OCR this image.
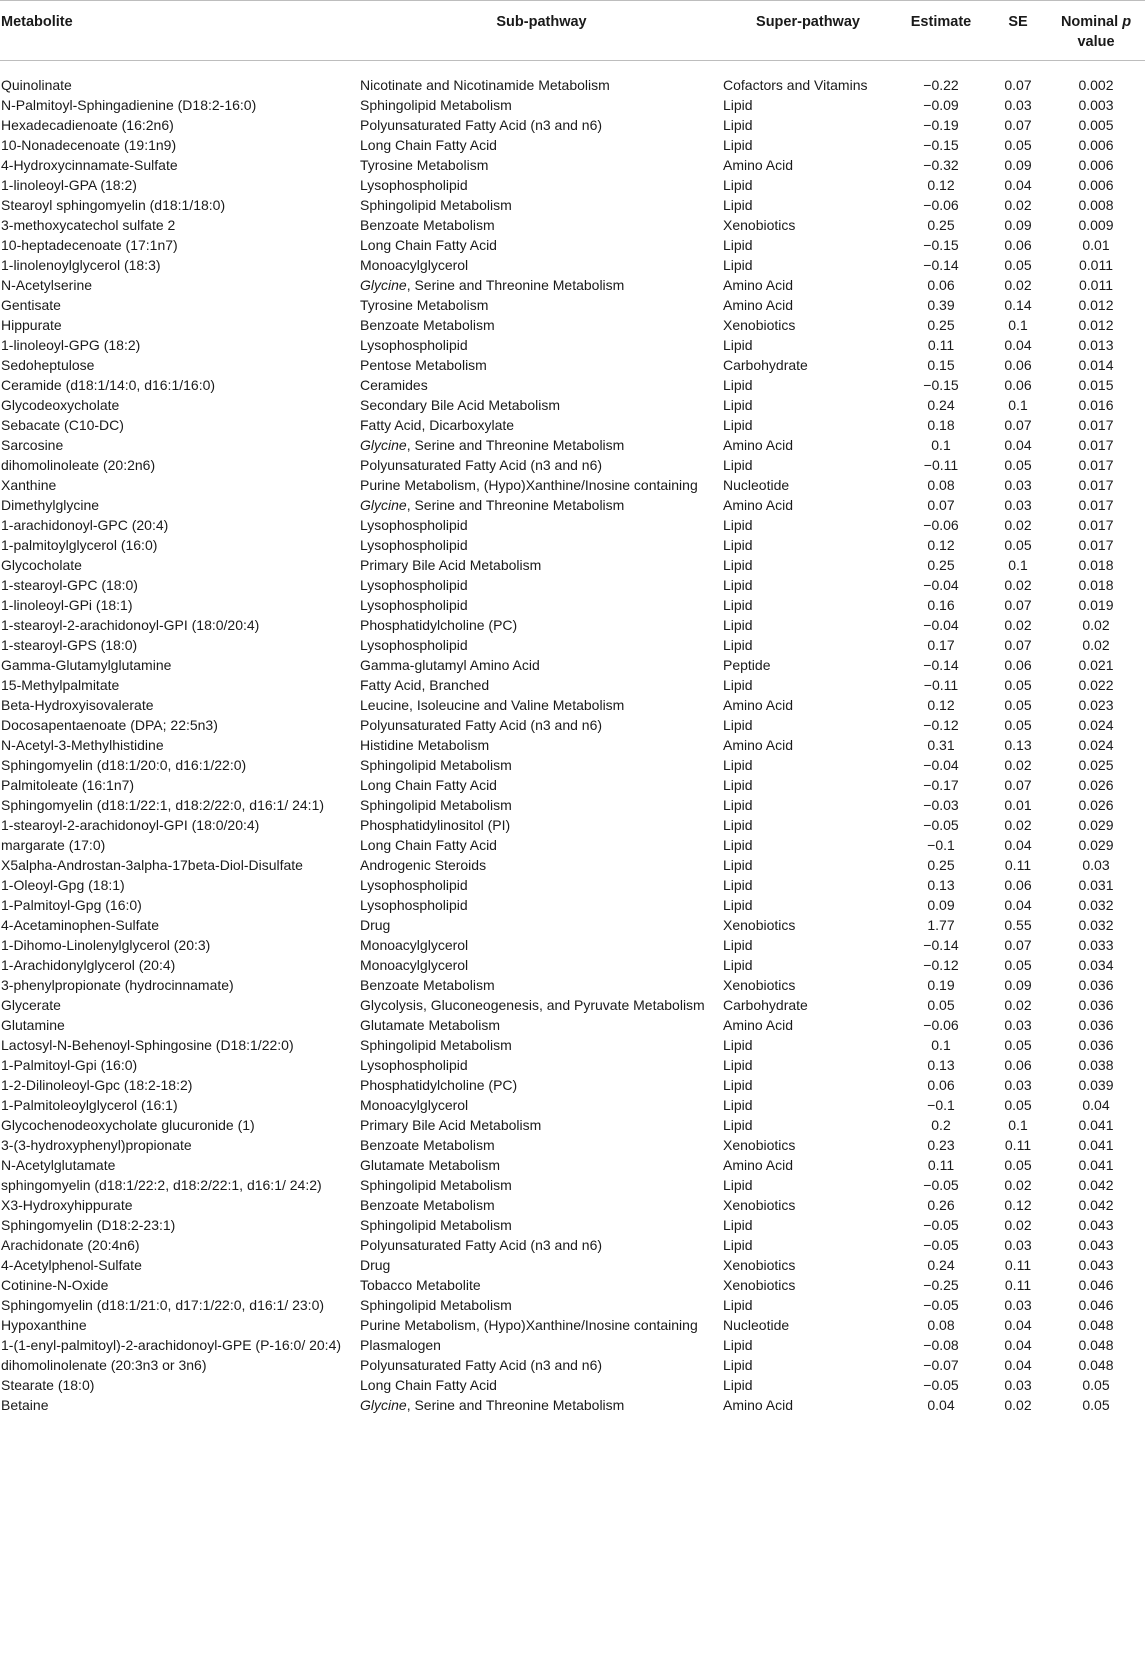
Metabolite	Sub-pathway	Super-pathway	Estimate	SE	Nominal p
value
Quinolinate	Nicotinate and Nicotinamide Metabolism	Cofactors and Vitamins	−0.22	0.07	0.002
N-Palmitoyl-Sphingadienine (D18:2-16:0)	Sphingolipid Metabolism	Lipid	−0.09	0.03	0.003
Hexadecadienoate (16:2n6)	Polyunsaturated Fatty Acid (n3 and n6)	Lipid	−0.19	0.07	0.005
10-Nonadecenoate (19:1n9)	Long Chain Fatty Acid	Lipid	−0.15	0.05	0.006
4-Hydroxycinnamate-Sulfate	Tyrosine Metabolism	Amino Acid	−0.32	0.09	0.006
1-linoleoyl-GPA (18:2)	Lysophospholipid	Lipid	0.12	0.04	0.006
Stearoyl sphingomyelin (d18:1/18:0)	Sphingolipid Metabolism	Lipid	−0.06	0.02	0.008
3-methoxycatechol sulfate 2	Benzoate Metabolism	Xenobiotics	0.25	0.09	0.009
10-heptadecenoate (17:1n7)	Long Chain Fatty Acid	Lipid	−0.15	0.06	0.01
1-linolenoylglycerol (18:3)	Monoacylglycerol	Lipid	−0.14	0.05	0.011
N-Acetylserine	Glycine, Serine and Threonine Metabolism	Amino Acid	0.06	0.02	0.011
Gentisate	Tyrosine Metabolism	Amino Acid	0.39	0.14	0.012
Hippurate	Benzoate Metabolism	Xenobiotics	0.25	0.1	0.012
1-linoleoyl-GPG (18:2)	Lysophospholipid	Lipid	0.11	0.04	0.013
Sedoheptulose	Pentose Metabolism	Carbohydrate	0.15	0.06	0.014
Ceramide (d18:1/14:0, d16:1/16:0)	Ceramides	Lipid	−0.15	0.06	0.015
Glycodeoxycholate	Secondary Bile Acid Metabolism	Lipid	0.24	0.1	0.016
Sebacate (C10-DC)	Fatty Acid, Dicarboxylate	Lipid	0.18	0.07	0.017
Sarcosine	Glycine, Serine and Threonine Metabolism	Amino Acid	0.1	0.04	0.017
dihomolinoleate (20:2n6)	Polyunsaturated Fatty Acid (n3 and n6)	Lipid	−0.11	0.05	0.017
Xanthine	Purine Metabolism, (Hypo)Xanthine/Inosine containing	Nucleotide	0.08	0.03	0.017
Dimethylglycine	Glycine, Serine and Threonine Metabolism	Amino Acid	0.07	0.03	0.017
1-arachidonoyl-GPC (20:4)	Lysophospholipid	Lipid	−0.06	0.02	0.017
1-palmitoylglycerol (16:0)	Lysophospholipid	Lipid	0.12	0.05	0.017
Glycocholate	Primary Bile Acid Metabolism	Lipid	0.25	0.1	0.018
1-stearoyl-GPC (18:0)	Lysophospholipid	Lipid	−0.04	0.02	0.018
1-linoleoyl-GPi (18:1)	Lysophospholipid	Lipid	0.16	0.07	0.019
1-stearoyl-2-arachidonoyl-GPI (18:0/20:4)	Phosphatidylcholine (PC)	Lipid	−0.04	0.02	0.02
1-stearoyl-GPS (18:0)	Lysophospholipid	Lipid	0.17	0.07	0.02
Gamma-Glutamylglutamine	Gamma-glutamyl Amino Acid	Peptide	−0.14	0.06	0.021
15-Methylpalmitate	Fatty Acid, Branched	Lipid	−0.11	0.05	0.022
Beta-Hydroxyisovalerate	Leucine, Isoleucine and Valine Metabolism	Amino Acid	0.12	0.05	0.023
Docosapentaenoate (DPA; 22:5n3)	Polyunsaturated Fatty Acid (n3 and n6)	Lipid	−0.12	0.05	0.024
N-Acetyl-3-Methylhistidine	Histidine Metabolism	Amino Acid	0.31	0.13	0.024
Sphingomyelin (d18:1/20:0, d16:1/22:0)	Sphingolipid Metabolism	Lipid	−0.04	0.02	0.025
Palmitoleate (16:1n7)	Long Chain Fatty Acid	Lipid	−0.17	0.07	0.026
Sphingomyelin (d18:1/22:1, d18:2/22:0, d16:1/ 24:1)	Sphingolipid Metabolism	Lipid	−0.03	0.01	0.026
1-stearoyl-2-arachidonoyl-GPI (18:0/20:4)	Phosphatidylinositol (PI)	Lipid	−0.05	0.02	0.029
margarate (17:0)	Long Chain Fatty Acid	Lipid	−0.1	0.04	0.029
X5alpha-Androstan-3alpha-17beta-Diol-Disulfate	Androgenic Steroids	Lipid	0.25	0.11	0.03
1-Oleoyl-Gpg (18:1)	Lysophospholipid	Lipid	0.13	0.06	0.031
1-Palmitoyl-Gpg (16:0)	Lysophospholipid	Lipid	0.09	0.04	0.032
4-Acetaminophen-Sulfate	Drug	Xenobiotics	1.77	0.55	0.032
1-Dihomo-Linolenylglycerol (20:3)	Monoacylglycerol	Lipid	−0.14	0.07	0.033
1-Arachidonylglycerol (20:4)	Monoacylglycerol	Lipid	−0.12	0.05	0.034
3-phenylpropionate (hydrocinnamate)	Benzoate Metabolism	Xenobiotics	0.19	0.09	0.036
Glycerate	Glycolysis, Gluconeogenesis, and Pyruvate Metabolism	Carbohydrate	0.05	0.02	0.036
Glutamine	Glutamate Metabolism	Amino Acid	−0.06	0.03	0.036
Lactosyl-N-Behenoyl-Sphingosine (D18:1/22:0)	Sphingolipid Metabolism	Lipid	0.1	0.05	0.036
1-Palmitoyl-Gpi (16:0)	Lysophospholipid	Lipid	0.13	0.06	0.038
1-2-Dilinoleoyl-Gpc (18:2-18:2)	Phosphatidylcholine (PC)	Lipid	0.06	0.03	0.039
1-Palmitoleoylglycerol (16:1)	Monoacylglycerol	Lipid	−0.1	0.05	0.04
Glycochenodeoxycholate glucuronide (1)	Primary Bile Acid Metabolism	Lipid	0.2	0.1	0.041
3-(3-hydroxyphenyl)propionate	Benzoate Metabolism	Xenobiotics	0.23	0.11	0.041
N-Acetylglutamate	Glutamate Metabolism	Amino Acid	0.11	0.05	0.041
sphingomyelin (d18:1/22:2, d18:2/22:1, d16:1/ 24:2)	Sphingolipid Metabolism	Lipid	−0.05	0.02	0.042
X3-Hydroxyhippurate	Benzoate Metabolism	Xenobiotics	0.26	0.12	0.042
Sphingomyelin (D18:2-23:1)	Sphingolipid Metabolism	Lipid	−0.05	0.02	0.043
Arachidonate (20:4n6)	Polyunsaturated Fatty Acid (n3 and n6)	Lipid	−0.05	0.03	0.043
4-Acetylphenol-Sulfate	Drug	Xenobiotics	0.24	0.11	0.043
Cotinine-N-Oxide	Tobacco Metabolite	Xenobiotics	−0.25	0.11	0.046
Sphingomyelin (d18:1/21:0, d17:1/22:0, d16:1/ 23:0)	Sphingolipid Metabolism	Lipid	−0.05	0.03	0.046
Hypoxanthine	Purine Metabolism, (Hypo)Xanthine/Inosine containing	Nucleotide	0.08	0.04	0.048
1-(1-enyl-palmitoyl)-2-arachidonoyl-GPE (P-16:0/ 20:4)	Plasmalogen	Lipid	−0.08	0.04	0.048
dihomolinolenate (20:3n3 or 3n6)	Polyunsaturated Fatty Acid (n3 and n6)	Lipid	−0.07	0.04	0.048
Stearate (18:0)	Long Chain Fatty Acid	Lipid	−0.05	0.03	0.05
Betaine	Glycine, Serine and Threonine Metabolism	Amino Acid	0.04	0.02	0.05
